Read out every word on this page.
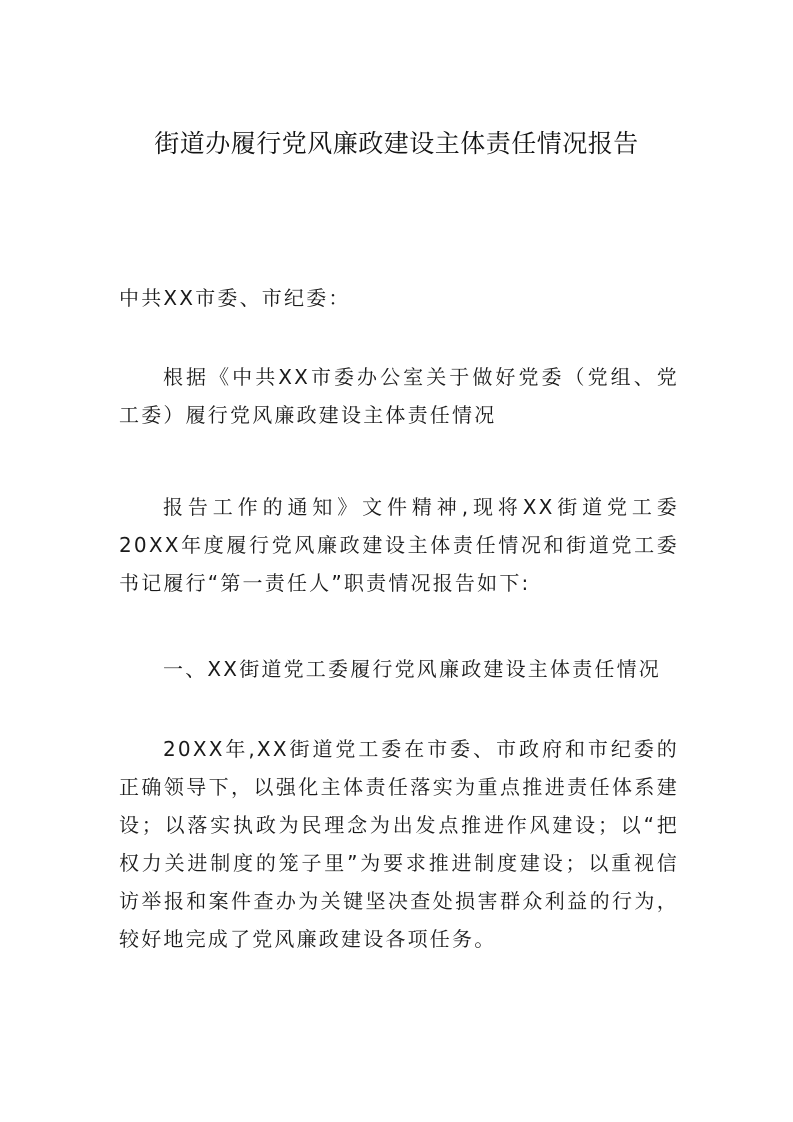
街道办履行党风廉政建设主体责任情况报告

中共XX市委、市纪委：

根据《中共XX市委办公室关于做好党委（党组、党工委）履行党风廉政建设主体责任情况

报告工作的通知》文件精神,现将XX街道党工委20XX年度履行党风廉政建设主体责任情况和街道党工委书记履行“第一责任人”职责情况报告如下:

一、XX街道党工委履行党风廉政建设主体责任情况

20XX年,XX街道党工委在市委、市政府和市纪委的正确领导下，以强化主体责任落实为重点推进责任体系建设；以落实执政为民理念为出发点推进作风建设；以“把权力关进制度的笼子里”为要求推进制度建设；以重视信访举报和案件查办为关键坚决查处损害群众利益的行为，较好地完成了党风廉政建设各项任务。
